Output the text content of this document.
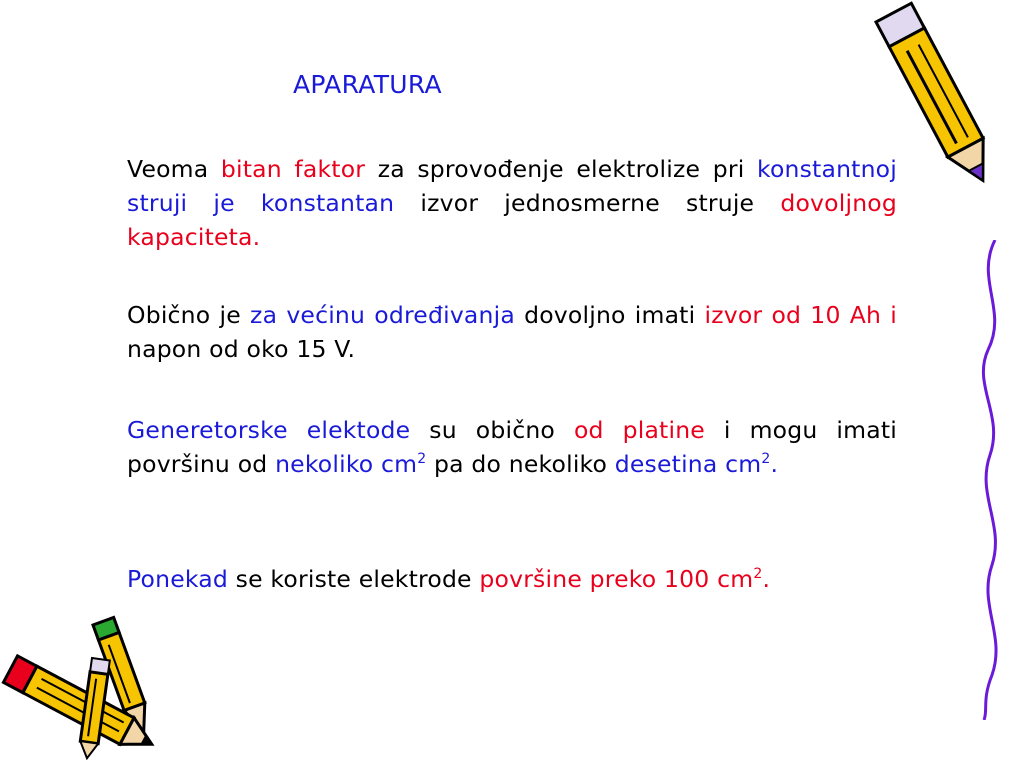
APARATURA
Veoma bitan faktor za sprovođenje elektrolize pri konstantnoj struji je konstantan izvor jednosmerne struje dovoljnog kapaciteta.
Obično je za većinu određivanja dovoljno imati izvor od 10 Ah i napon od oko 15 V.
Generetorske elektode su obično od platine i mogu imati površinu od nekoliko $cm^2$ pa do nekoliko desetina $cm^2$.
Ponekad se koriste elektrode površine preko 100 $cm^2$.
